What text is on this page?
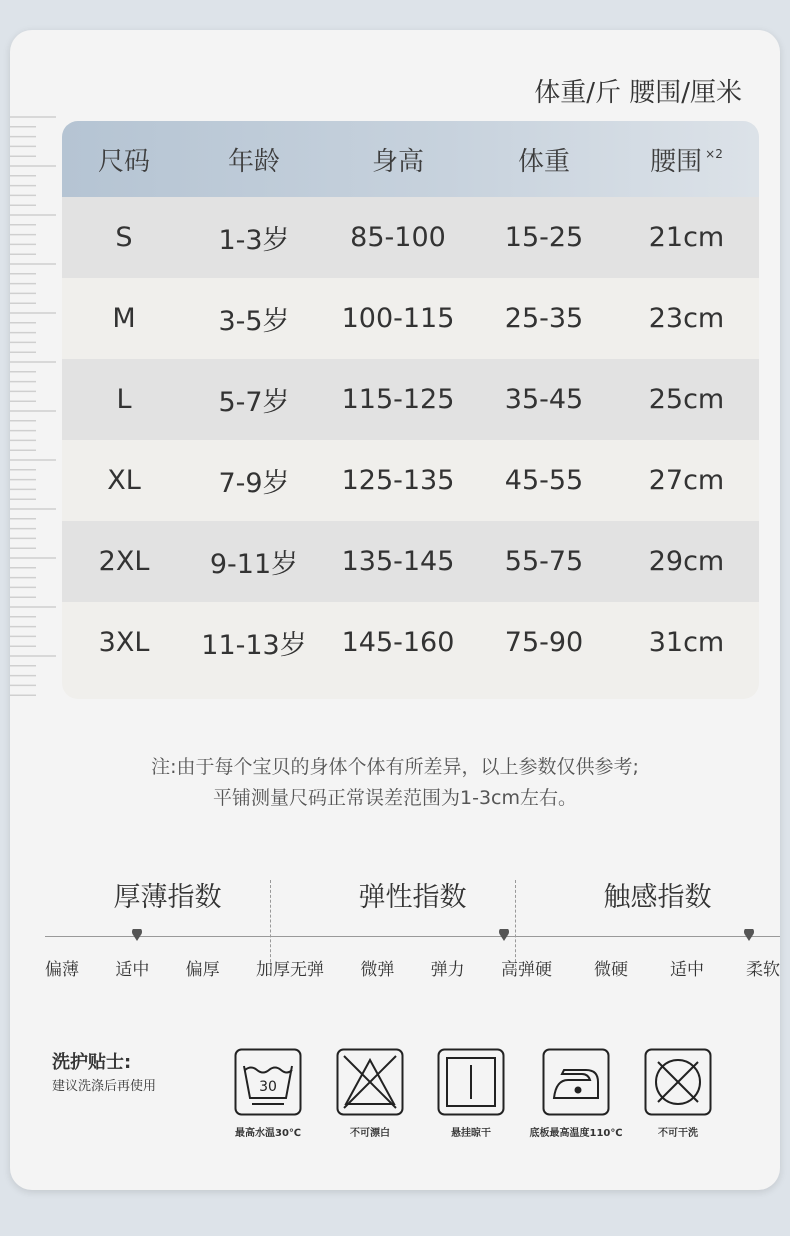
体重/斤 腰围/厘米
尺码	年龄	身高	体重	腰围 $^{\times 2}$
S	1-3岁	85-100	15-25	21cm
M	3-5岁	100-115	25-35	23cm
L	5-7岁	115-125	35-45	25cm
XL	7-9岁	125-135	45-55	27cm
2XL	9-11岁	135-145	55-75	29cm
3XL	11-13岁	145-160	75-90	31cm
注:由于每个宝贝的身体个体有所差异，以上参数仅供参考;
平铺测量尺码正常误差范围为1-3cm左右。
厚薄指数
偏薄 适中 偏厚 加厚
弹性指数
无弹 微弹 弹力 高弹
触感指数
硬 微硬 适中 柔软
洗护贴士:
建议洗涤后再使用	30
最高水温30℃	不可漂白	悬挂晾干	底板最高温度110℃	不可干洗
